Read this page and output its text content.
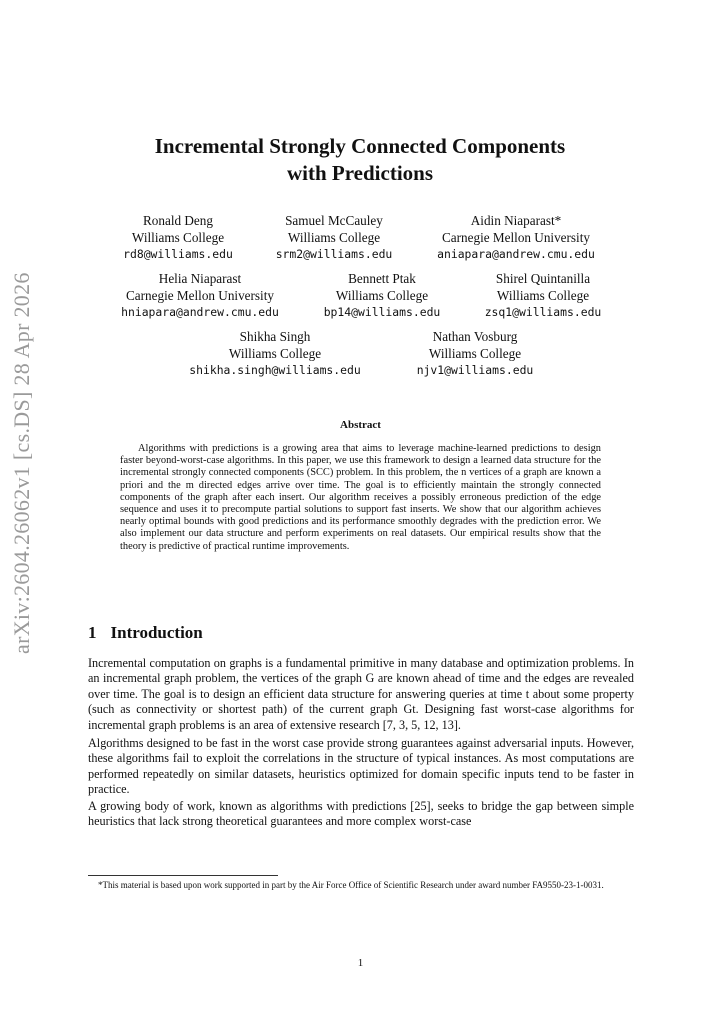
arXiv:2604.26062v1 [cs.DS] 28 Apr 2026
Incremental Strongly Connected Components
with Predictions
Ronald Deng
Williams College
rd8@williams.edu
Samuel McCauley
Williams College
srm2@williams.edu
Aidin Niaparast*
Carnegie Mellon University
aniapara@andrew.cmu.edu
Helia Niaparast
Carnegie Mellon University
hniapara@andrew.cmu.edu
Bennett Ptak
Williams College
bp14@williams.edu
Shirel Quintanilla
Williams College
zsq1@williams.edu
Shikha Singh
Williams College
shikha.singh@williams.edu
Nathan Vosburg
Williams College
njv1@williams.edu
Abstract

Algorithms with predictions is a growing area that aims to leverage machine-learned predictions to design faster beyond-worst-case algorithms. In this paper, we use this framework to design a learned data structure for the incremental strongly connected components (SCC) problem. In this problem, the n vertices of a graph are known a priori and the m directed edges arrive over time. The goal is to efficiently maintain the strongly connected components of the graph after each insert. Our algorithm receives a possibly erroneous prediction of the edge sequence and uses it to precompute partial solutions to support fast inserts. We show that our algorithm achieves nearly optimal bounds with good predictions and its performance smoothly degrades with the prediction error. We also implement our data structure and perform experiments on real datasets. Our empirical results show that the theory is predictive of practical runtime improvements.

1 Introduction

Incremental computation on graphs is a fundamental primitive in many database and optimization problems. In an incremental graph problem, the vertices of the graph G are known ahead of time and the edges are revealed over time. The goal is to design an efficient data structure for answering queries at time t about some property (such as connectivity or shortest path) of the current graph Gt. Designing fast worst-case algorithms for incremental graph problems is an area of extensive research [7, 3, 5, 12, 13].

Algorithms designed to be fast in the worst case provide strong guarantees against adversarial inputs. However, these algorithms fail to exploit the correlations in the structure of typical instances. As most computations are performed repeatedly on similar datasets, heuristics optimized for domain specific inputs tend to be faster in practice.

A growing body of work, known as algorithms with predictions [25], seeks to bridge the gap between simple heuristics that lack strong theoretical guarantees and more complex worst-case

*This material is based upon work supported in part by the Air Force Office of Scientific Research under award number FA9550-23-1-0031.

1
